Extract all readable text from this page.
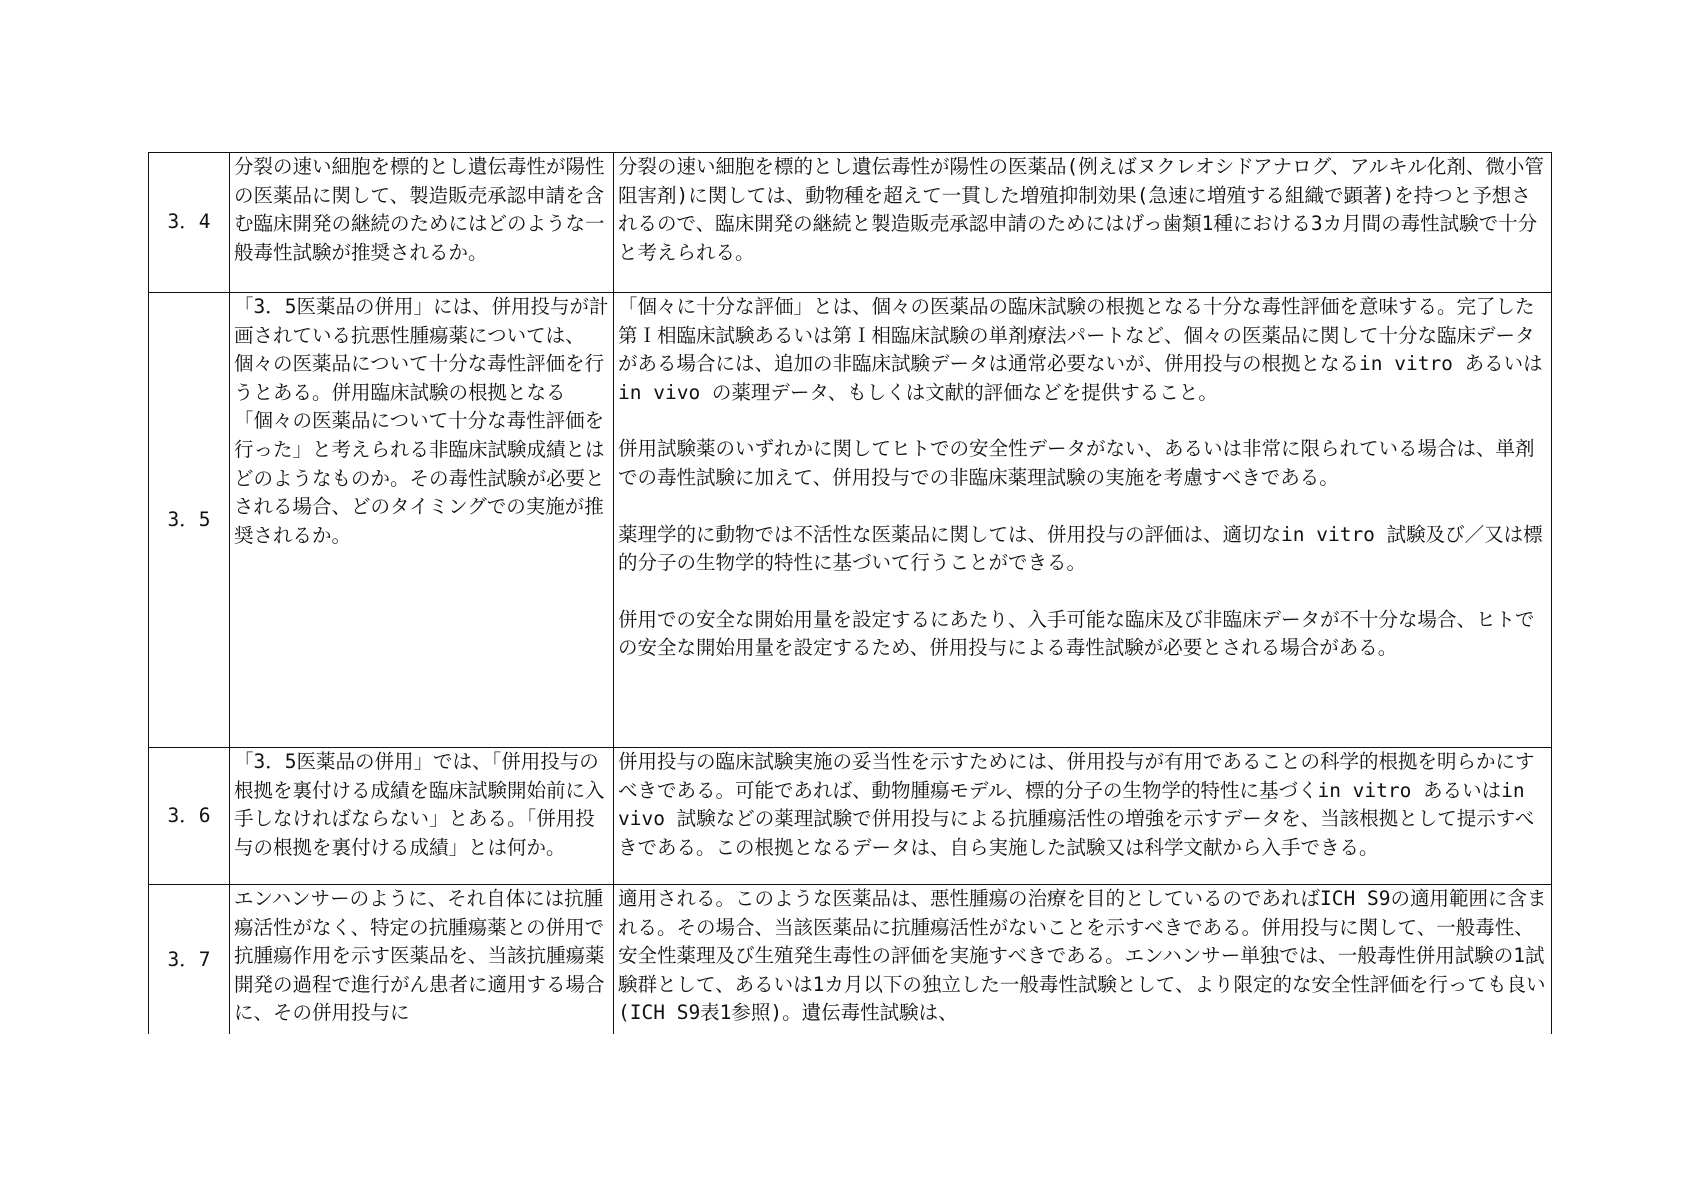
3．4	分裂の速い細胞を標的とし遺伝毒性が陽性の医薬品に関して、製造販売承認申請を含む臨床開発の継続のためにはどのような一般毒性試験が推奨されるか。	分裂の速い細胞を標的とし遺伝毒性が陽性の医薬品(例えばヌクレオシドアナログ、アルキル化剤、微小管阻害剤)に関しては、動物種を超えて一貫した増殖抑制効果(急速に増殖する組織で顕著)を持つと予想されるので、臨床開発の継続と製造販売承認申請のためにはげっ歯類1種における3カ月間の毒性試験で十分と考えられる。

3．5	「3．5医薬品の併用」には、併用投与が計画されている抗悪性腫瘍薬については、個々の医薬品について十分な毒性評価を行うとある。併用臨床試験の根拠となる「個々の医薬品について十分な毒性評価を行った」と考えられる非臨床試験成績とはどのようなものか。その毒性試験が必要とされる場合、どのタイミングでの実施が推奨されるか。	「個々に十分な評価」とは、個々の医薬品の臨床試験の根拠となる十分な毒性評価を意味する。完了した第Ｉ相臨床試験あるいは第Ｉ相臨床試験の単剤療法パートなど、個々の医薬品に関して十分な臨床データがある場合には、追加の非臨床試験データは通常必要ないが、併用投与の根拠となるin vitro あるいはin vivo の薬理データ、もしくは文献的評価などを提供すること。

併用試験薬のいずれかに関してヒトでの安全性データがない、あるいは非常に限られている場合は、単剤での毒性試験に加えて、併用投与での非臨床薬理試験の実施を考慮すべきである。

薬理学的に動物では不活性な医薬品に関しては、併用投与の評価は、適切なin vitro 試験及び／又は標的分子の生物学的特性に基づいて行うことができる。

併用での安全な開始用量を設定するにあたり、入手可能な臨床及び非臨床データが不十分な場合、ヒトでの安全な開始用量を設定するため、併用投与による毒性試験が必要とされる場合がある。

3．6	「3．5医薬品の併用」では、「併用投与の根拠を裏付ける成績を臨床試験開始前に入手しなければならない」とある。「併用投与の根拠を裏付ける成績」とは何か。	併用投与の臨床試験実施の妥当性を示すためには、併用投与が有用であることの科学的根拠を明らかにすべきである。可能であれば、動物腫瘍モデル、標的分子の生物学的特性に基づくin vitro あるいはin vivo 試験などの薬理試験で併用投与による抗腫瘍活性の増強を示すデータを、当該根拠として提示すべきである。この根拠となるデータは、自ら実施した試験又は科学文献から入手できる。

3．7	エンハンサーのように、それ自体には抗腫瘍活性がなく、特定の抗腫瘍薬との併用で抗腫瘍作用を示す医薬品を、当該抗腫瘍薬開発の過程で進行がん患者に適用する場合に、その併用投与に	適用される。このような医薬品は、悪性腫瘍の治療を目的としているのであればICH S9の適用範囲に含まれる。その場合、当該医薬品に抗腫瘍活性がないことを示すべきである。併用投与に関して、一般毒性、安全性薬理及び生殖発生毒性の評価を実施すべきである。エンハンサー単独では、一般毒性併用試験の1試験群として、あるいは1カ月以下の独立した一般毒性試験として、より限定的な安全性評価を行っても良い(ICH S9表1参照)。遺伝毒性試験は、
